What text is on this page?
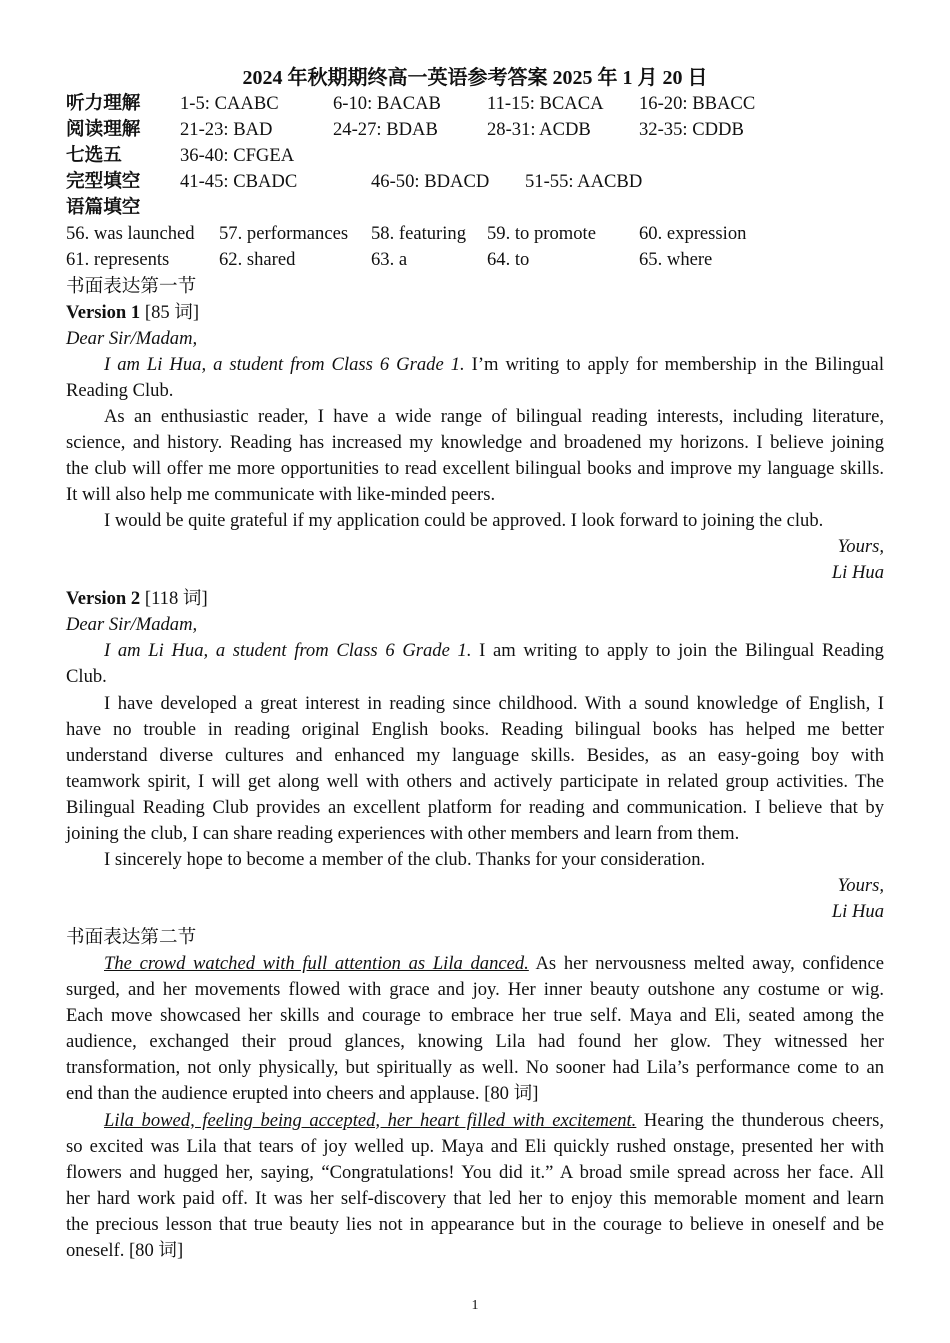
2024 年秋期期终高一英语参考答案 2025 年 1 月 20 日
听力理解 1-5: CAABC	6-10: BACAB 11-15: BCACA 16-20: BBACC
阅读理解 21-23: BAD	24-27: BDAB	28-31: ACDB	32-35: CDDB
七选五	36-40: CFGEA
完型填空 41-45: CBADC	46-50: BDACD 51-55: AACBD
语篇填空
56. was launched 57. performances 58. featuring 59. to promote 60. expression
61. represents	62. shared	63. a	64. to	65. where
书面表达第一节
Version 1 [85 词]
Dear Sir/Madam,
I am Li Hua, a student from Class 6 Grade 1. I’m writing to apply for membership in the Bilingual
Reading Club.
As an enthusiastic reader, I have a wide range of bilingual reading interests, including literature,
science, and history. Reading has increased my knowledge and broadened my horizons. I believe joining
the club will offer me more opportunities to read excellent bilingual books and improve my language skills.
It will also help me communicate with like-minded peers.
I would be quite grateful if my application could be approved. I look forward to joining the club.
Yours,
Li Hua
Version 2 [118 词]
Dear Sir/Madam,
I am Li Hua, a student from Class 6 Grade 1. I am writing to apply to join the Bilingual Reading
Club.
I have developed a great interest in reading since childhood. With a sound knowledge of English, I
have no trouble in reading original English books. Reading bilingual books has helped me better
understand diverse cultures and enhanced my language skills. Besides, as an easy-going boy with
teamwork spirit, I will get along well with others and actively participate in related group activities. The
Bilingual Reading Club provides an excellent platform for reading and communication. I believe that by
joining the club, I can share reading experiences with other members and learn from them.
I sincerely hope to become a member of the club. Thanks for your consideration.
Yours,
Li Hua
书面表达第二节
The crowd watched with full attention as Lila danced. As her nervousness melted away, confidence
surged, and her movements flowed with grace and joy. Her inner beauty outshone any costume or wig.
Each move showcased her skills and courage to embrace her true self. Maya and Eli, seated among the
audience, exchanged their proud glances, knowing Lila had found her glow. They witnessed her
transformation, not only physically, but spiritually as well. No sooner had Lila’s performance come to an
end than the audience erupted into cheers and applause. [80 词]
Lila bowed, feeling being accepted, her heart filled with excitement. Hearing the thunderous cheers,
so excited was Lila that tears of joy welled up. Maya and Eli quickly rushed onstage, presented her with
flowers and hugged her, saying, “Congratulations! You did it.” A broad smile spread across her face. All
her hard work paid off. It was her self-discovery that led her to enjoy this memorable moment and learn
the precious lesson that true beauty lies not in appearance but in the courage to believe in oneself and be
oneself. [80 词]
1
